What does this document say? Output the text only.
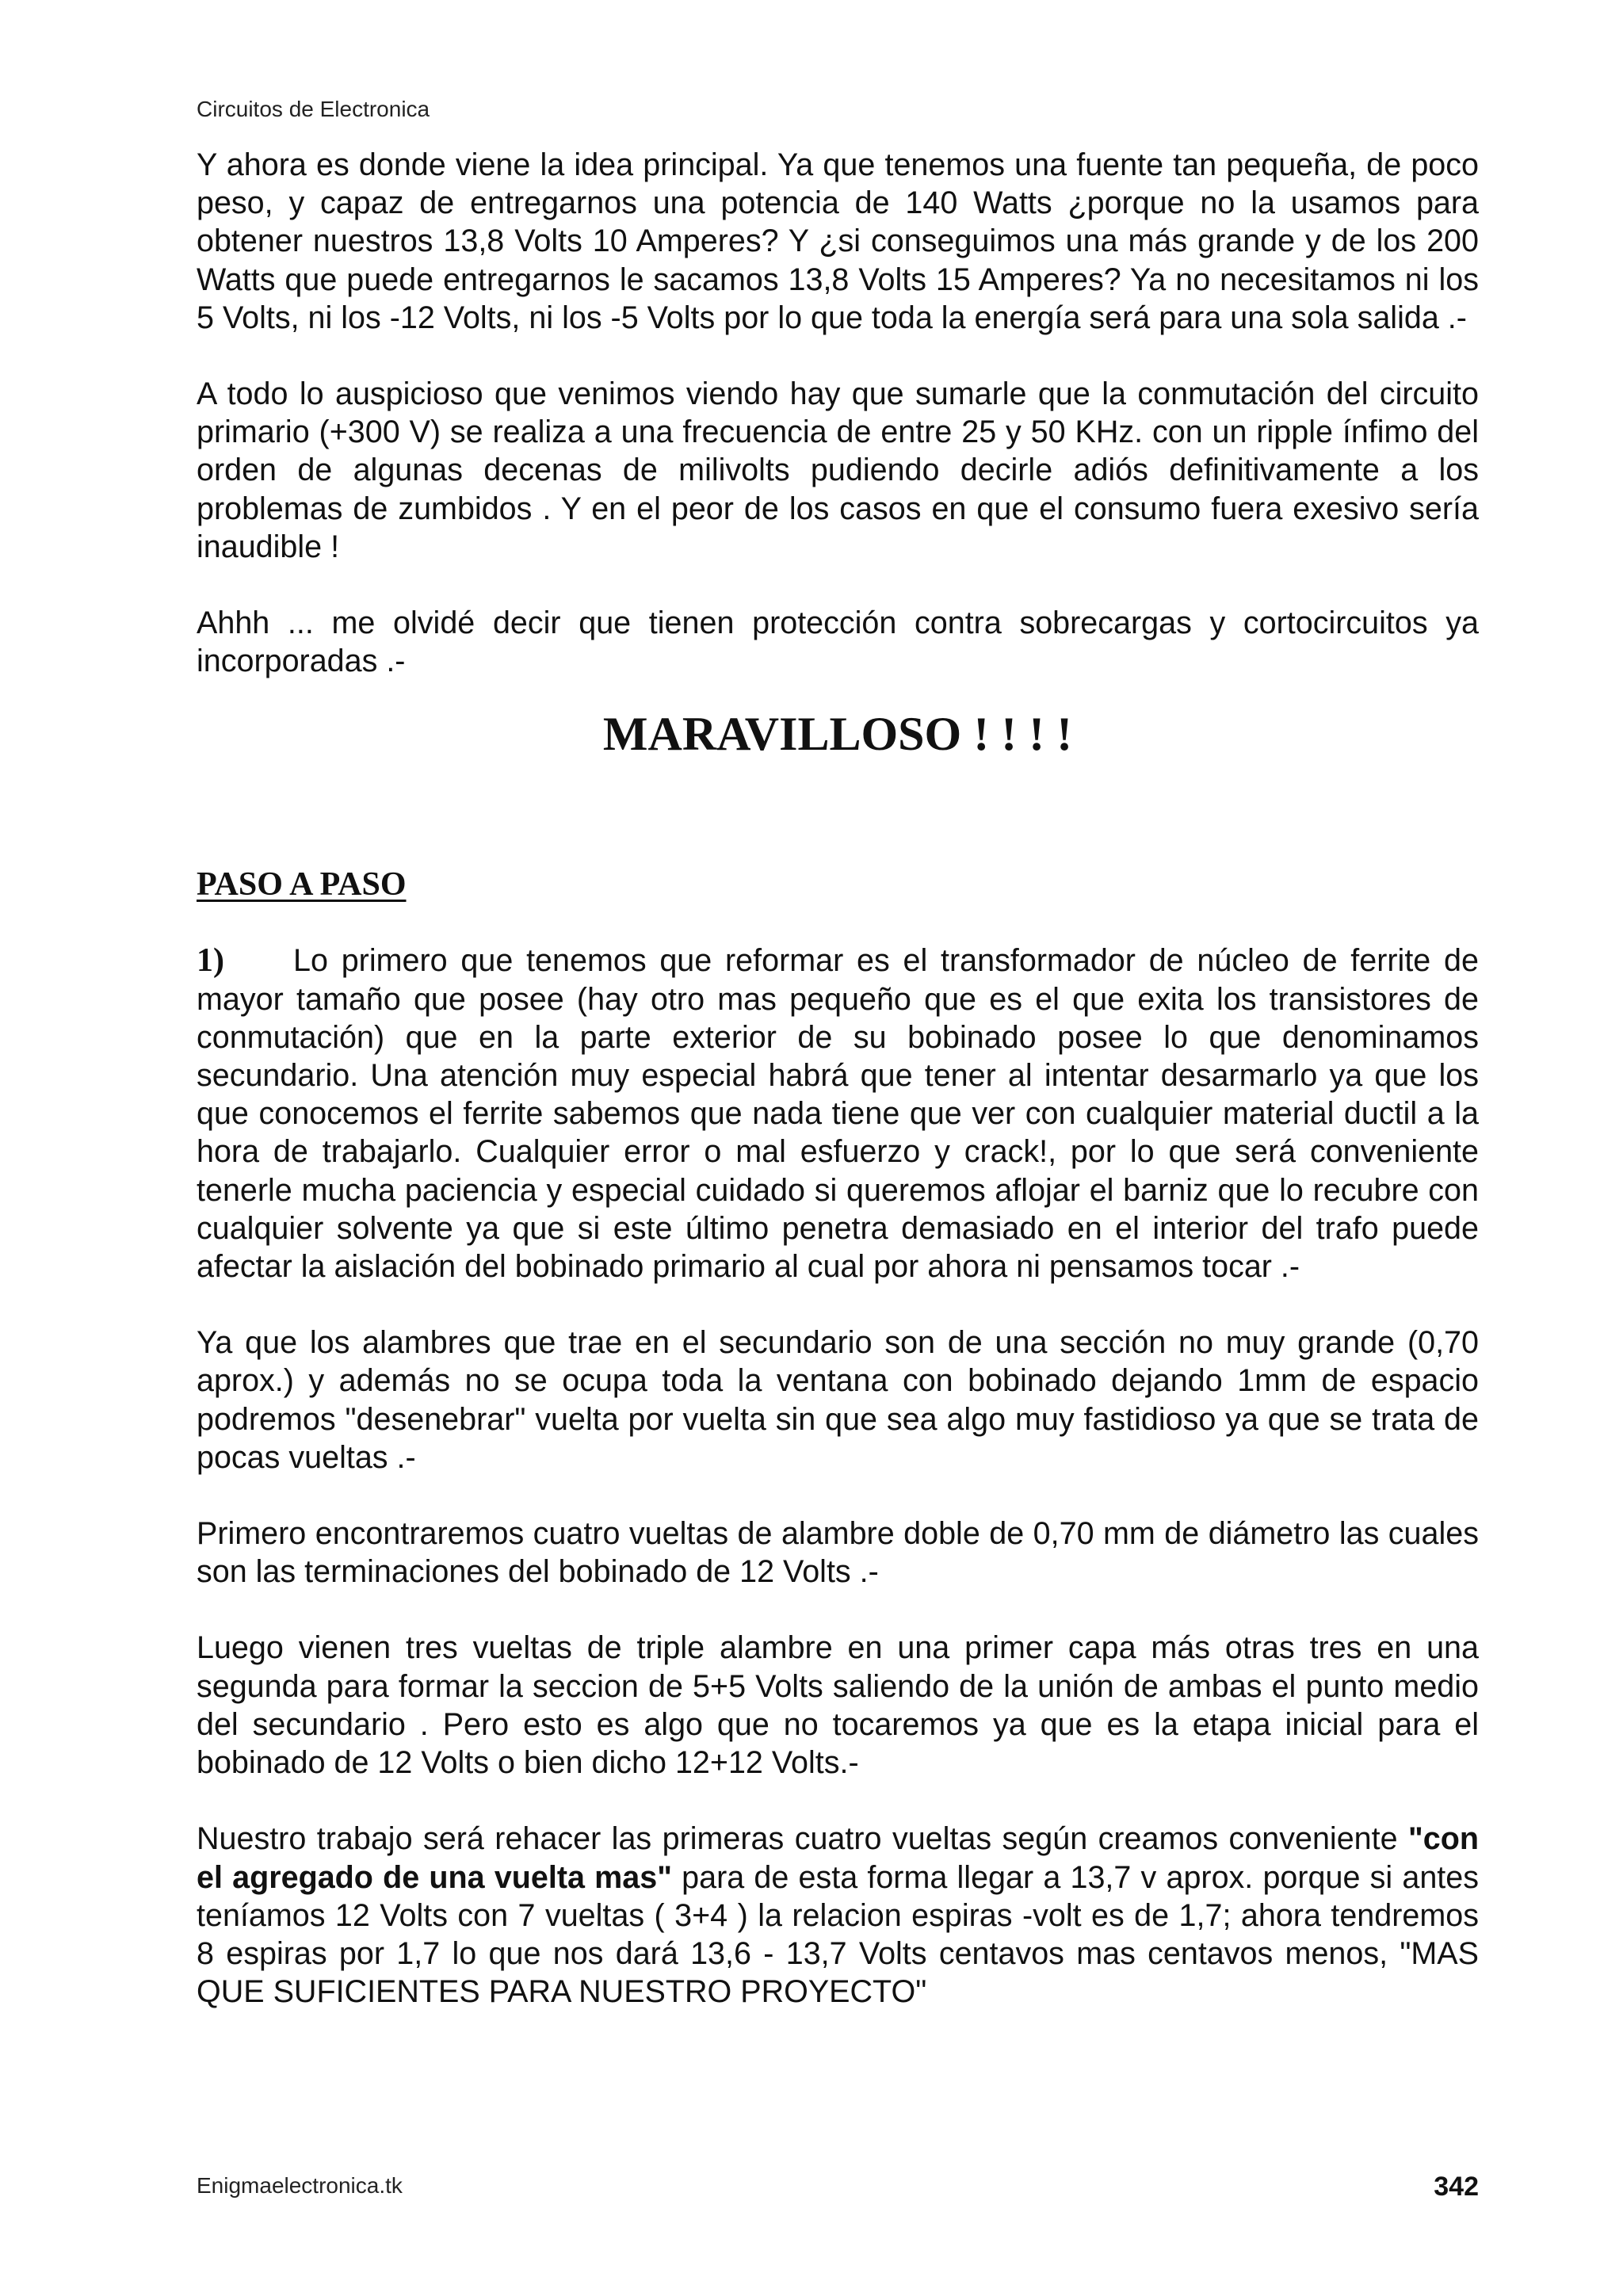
Circuitos de Electronica

Y ahora es donde viene la idea principal. Ya que tenemos una fuente tan pequeña, de poco peso, y capaz de entregarnos una potencia de 140 Watts ¿porque no la usamos para obtener nuestros 13,8 Volts 10 Amperes? Y ¿si conseguimos una más grande y de los 200 Watts que puede entregarnos le sacamos 13,8 Volts 15 Amperes? Ya no necesitamos ni los 5 Volts, ni los -12 Volts, ni los -5 Volts por lo que toda la energía será para una sola salida .-

A todo lo auspicioso que venimos viendo hay que sumarle que la conmutación del circuito primario (+300 V) se realiza a una frecuencia de entre 25 y 50 KHz. con un ripple ínfimo del orden de algunas decenas de milivolts pudiendo decirle adiós definitivamente a los problemas de zumbidos . Y en el peor de los casos en que el consumo fuera exesivo sería inaudible !

Ahhh ... me olvidé decir que tienen protección contra sobrecargas y cortocircuitos ya incorporadas .-

MARAVILLOSO ! ! ! !
PASO A PASO

1) Lo primero que tenemos que reformar es el transformador de núcleo de ferrite de mayor tamaño que posee (hay otro mas pequeño que es el que exita los transistores de conmutación) que en la parte exterior de su bobinado posee lo que denominamos secundario. Una atención muy especial habrá que tener al intentar desarmarlo ya que los que conocemos el ferrite sabemos que nada tiene que ver con cualquier material ductil a la hora de trabajarlo. Cualquier error o mal esfuerzo y crack!, por lo que será conveniente tenerle mucha paciencia y especial cuidado si queremos aflojar el barniz que lo recubre con cualquier solvente ya que si este último penetra demasiado en el interior del trafo puede afectar la aislación del bobinado primario al cual por ahora ni pensamos tocar .-

Ya que los alambres que trae en el secundario son de una sección no muy grande (0,70 aprox.) y además no se ocupa toda la ventana con bobinado dejando 1mm de espacio podremos "desenebrar" vuelta por vuelta sin que sea algo muy fastidioso ya que se trata de pocas vueltas .-

Primero encontraremos cuatro vueltas de alambre doble de 0,70 mm de diámetro las cuales son las terminaciones del bobinado de 12 Volts .-

Luego vienen tres vueltas de triple alambre en una primer capa más otras tres en una segunda para formar la seccion de 5+5 Volts saliendo de la unión de ambas el punto medio del secundario . Pero esto es algo que no tocaremos ya que es la etapa inicial para el bobinado de 12 Volts o bien dicho 12+12 Volts.-

Nuestro trabajo será rehacer las primeras cuatro vueltas según creamos conveniente "con el agregado de una vuelta mas" para de esta forma llegar a 13,7 v aprox. porque si antes teníamos 12 Volts con 7 vueltas ( 3+4 ) la relacion espiras -volt es de 1,7; ahora tendremos 8 espiras por 1,7 lo que nos dará 13,6 - 13,7 Volts centavos mas centavos menos, "MAS QUE SUFICIENTES PARA NUESTRO PROYECTO"

Enigmaelectronica.tk	342
